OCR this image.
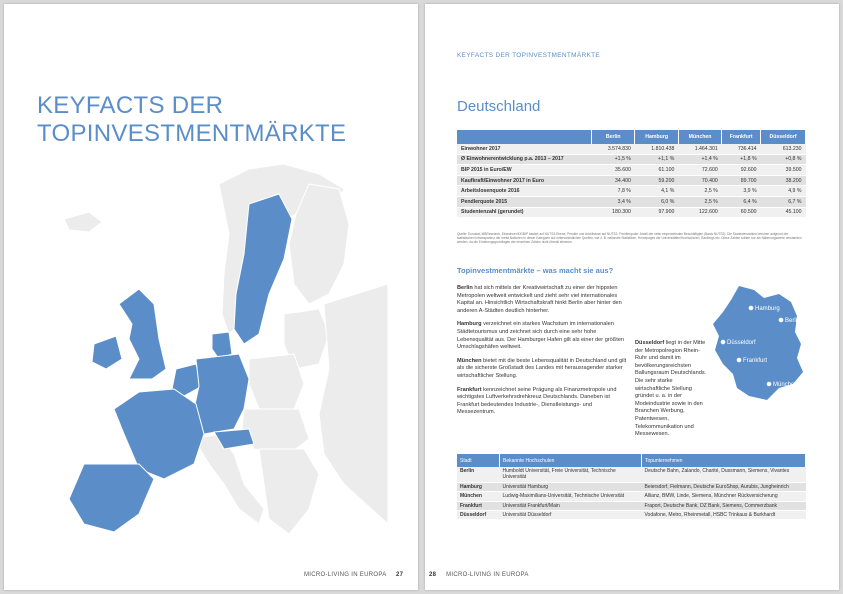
KEYFACTS DER
TOPINVESTMENTMÄRKTE
MICRO-LIVING IN EUROPA 27
KEYFACTS DER TOPINVESTMENTMÄRKTE
Deutschland
	Berlin	Hamburg	München	Frankfurt	Düsseldorf
Einwohner 2017	3.574.830	1.810.438	1.464.301	736.414	613.230
Ø Einwohnerentwicklung p.a. 2013 – 2017	+1,5 %	+1,1 %	+1,4 %	+1,8 %	+0,8 %
BIP 2015 in Euro/EW	35.600	61.100	72.600	92.600	39.500
Kaufkraft/Einwohner 2017 in Euro	34.400	59.200	70.400	89.700	38.200
Arbeitslosenquote 2016	7,8 %	4,1 %	2,5 %	3,9 %	4,9 %
Pendlerquote 2015	3,4 %	6,0 %	2,5 %	6,4 %	6,7 %
Studentenzahl (gerundet)	180.300	97.900	122.600	60.500	45.100

Quelle: Eurostat, MBResearch, Einwohner/KK/BIP basiert auf NUTS3-Ebene, Pendler und Arbeitslose auf NUTS2. Pendlerquote: Anteil der netto einpendelnden Beschäftigten (Basis NUTS2). Die Studentenzahlen beruhen aufgrund der statistischen Intransparenz der meist Nationen in dieser Kategorie auf unterschiedlichen Quellen, wie z. B. nationale Statistiken, Homepages der Universitäten/Hochschulen, Rankings etc. Diese Zahlen sollten nur als Näherungswerte verstanden werden, da die Erhebungsgrundlagen der einzelnen Zahlen nicht überall stimmen.

Topinvestmentmärkte – was macht sie aus?

Berlin hat sich mittels der Kreativwirtschaft zu einer der hippsten Metropolen weltweit entwickelt und zieht sehr viel internationales Kapital an. Hinsichtlich Wirtschaftskraft hinkt Berlin aber hinter den anderen A-Städten deutlich hinterher.

Hamburg verzeichnet ein starkes Wachstum im internationalen Städtetourismus und zeichnet sich durch eine sehr hohe Lebensqualität aus. Der Hamburger Hafen gilt als einer der größten Umschlagshäfen weltweit.

München bietet mit die beste Lebensqualität in Deutschland und gilt als die sicherste Großstadt des Landes mit herausragender starker wirtschaftlicher Stellung.

Frankfurt kennzeichnet seine Prägung als Finanzmetropole und wichtigstes Luftverkehrsdrehkreuz Deutschlands. Daneben ist Frankfurt bedeutendes Industrie-, Dienstleistungs- und Messezentrum.

Düsseldorf liegt in der Mitte der Metropolregion Rhein-Ruhr und damit im bevölkerungsreichsten Ballungsraum Deutschlands. Die sehr starke wirtschaftliche Stellung gründet u. a. in der Modeindustrie sowie in den Branchen Werbung, Patentwesen, Telekommunikation und Messewesen.

Hamburg
Berlin
Düsseldorf
Frankfurt
München
Stadt	Bekannte Hochschulen	Topunternehmen
Berlin	Humboldt Universität, Freie Universität, Technische Universität	Deutsche Bahn, Zalando, Charité, Dussmann, Siemens, Vivantes
Hamburg	Universität Hamburg	Beiersdorf, Fielmann, Deutsche EuroShop, Aurubis, Jungheinrich
München	Ludwig-Maximilians-Universität, Technische Universität	Allianz, BMW, Linde, Siemens, Münchner Rückversicherung
Frankfurt	Universität Frankfurt/Main	Fraport, Deutsche Bank, DZ Bank, Siemens, Commerzbank
Düsseldorf	Universität Düsseldorf	Vodafone, Metro, Rheinmetall, HSBC Trinkaus & Burkhardt
28 MICRO-LIVING IN EUROPA
